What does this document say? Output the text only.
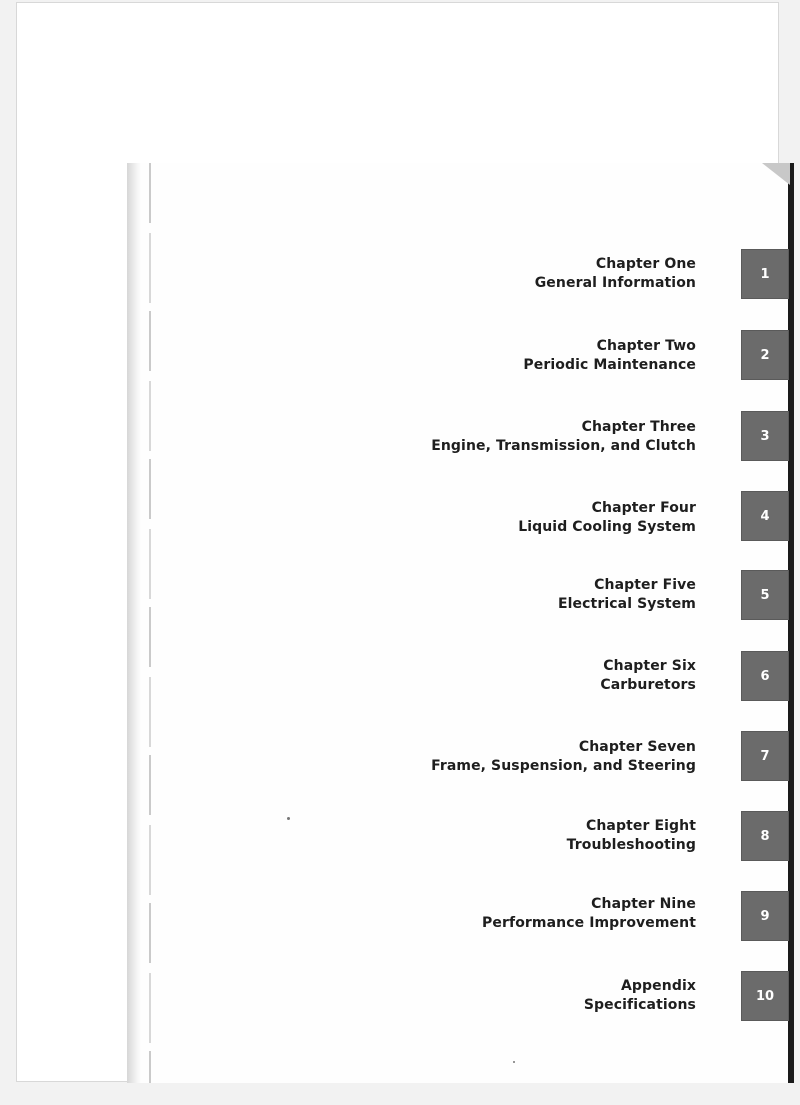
Chapter One
General Information
1
Chapter Two
Periodic Maintenance
2
Chapter Three
Engine, Transmission, and Clutch
3
Chapter Four
Liquid Cooling System
4
Chapter Five
Electrical System
5
Chapter Six
Carburetors
6
Chapter Seven
Frame, Suspension, and Steering
7
Chapter Eight
Troubleshooting
8
Chapter Nine
Performance Improvement	9
Appendix
Specifications
10
